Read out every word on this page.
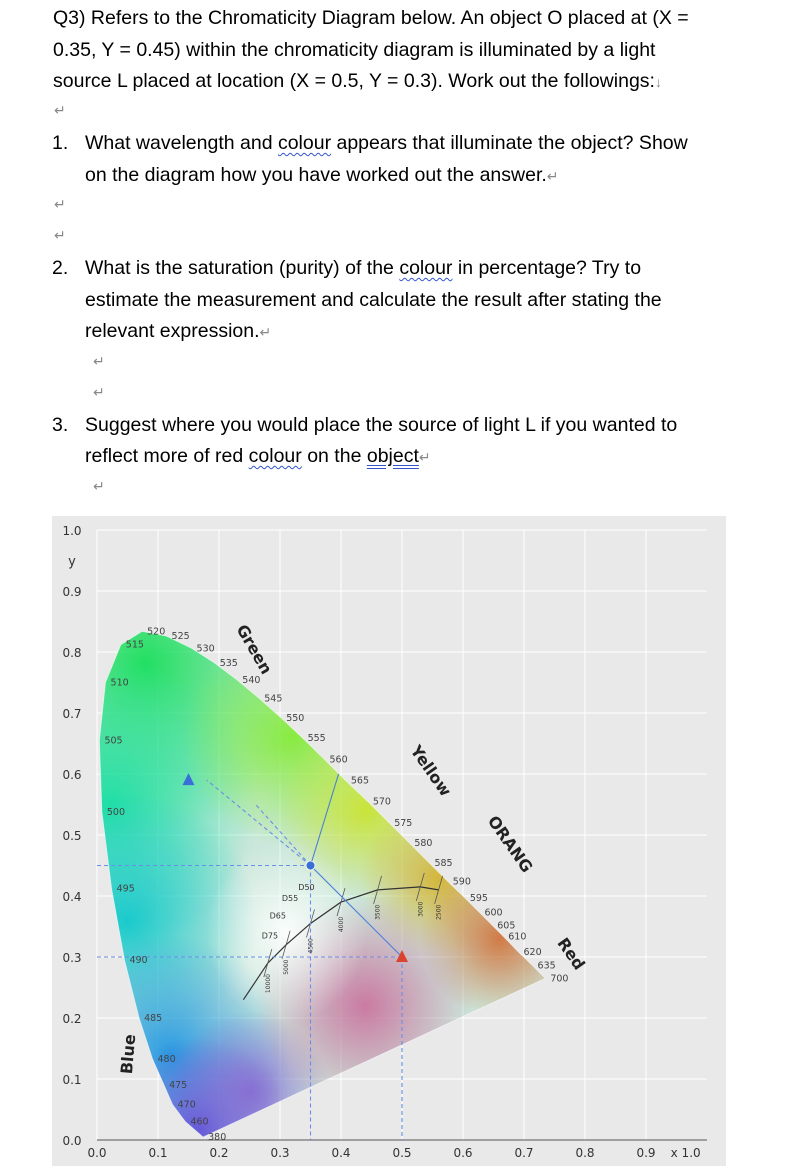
Q3) Refers to the Chromaticity Diagram below. An object O placed at (X =
0.35, Y = 0.45) within the chromaticity diagram is illuminated by a light
source L placed at location (X = 0.5, Y = 0.3). Work out the followings:↓
↵
1. What wavelength and colour appears that illuminate the object? Show
on the diagram how you have worked out the answer.↵
↵
↵
2. What is the saturation (purity) of the colour in percentage? Try to
estimate the measurement and calculate the result after stating the
relevant expression.↵
↵
↵
3. Suggest where you would place the source of light L if you wanted to
reflect more of red colour on the object↵
↵
0.0	0.1	0.2	0.3	0.4	0.5	0.6	0.7	0.8	0.9
1.0
0.9
0.8
0.7
0.6
0.5
0.4
0.3
0.2
0.1
0.0
y
x 1.0
380
460
470
475
480
485
490
495
500
505
510
515
520 525
530
535
540
545
550
555
560
565
570
575
580
585
590
595
600
605
610
620
635
700
10000
5000
4500
4000
3500	3000 2500
D65
D55
D50
D75
Green
Yellow
ORANG
Red
Blue
